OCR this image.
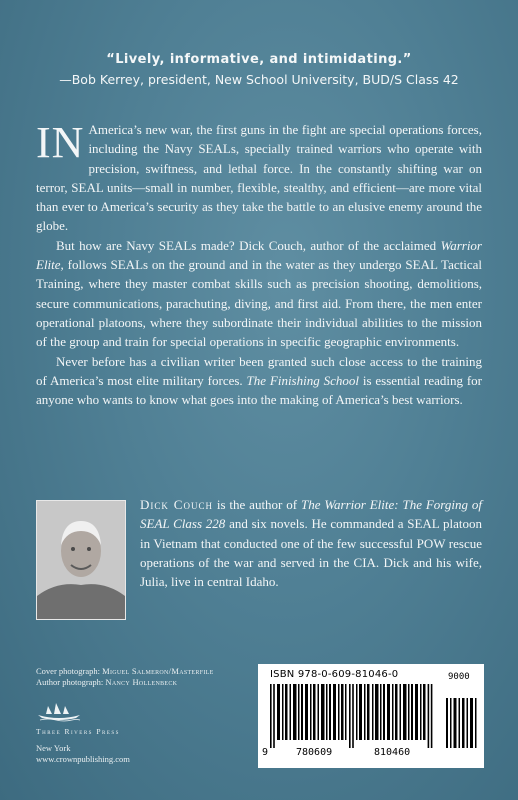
“Lively, informative, and intimidating.”
—Bob Kerrey, president, New School University, BUD/S Class 42

IN America’s new war, the first guns in the fight are special operations forces, including the Navy SEALs, specially trained warriors who operate with precision, swiftness, and lethal force. In the constantly shifting war on terror, SEAL units—small in number, flexible, stealthy, and efficient—are more vital than ever to America’s security as they take the battle to an elusive enemy around the globe.

But how are Navy SEALs made? Dick Couch, author of the acclaimed Warrior Elite, follows SEALs on the ground and in the water as they undergo SEAL Tactical Training, where they master combat skills such as precision shooting, demolitions, secure communications, parachuting, diving, and first aid. From there, the men enter operational platoons, where they subordinate their individual abilities to the mission of the group and train for special operations in specific geographic environments.

Never before has a civilian writer been granted such close access to the training of America’s most elite military forces. The Finishing School is essential reading for anyone who wants to know what goes into the making of America’s best warriors.

Dick Couch is the author of The Warrior Elite: The Forging of SEAL Class 228 and six novels. He commanded a SEAL platoon in Vietnam that conducted one of the few successful POW rescue operations of the war and served in the CIA. Dick and his wife, Julia, live in central Idaho.
Cover photograph: Miguel Salmeron/Masterfile
Author photograph: Nancy Hollenbeck
Three Rivers Press
New York
www.crownpublishing.com
ISBN 978-0-609-81046-0	9000
9	780609	810460
